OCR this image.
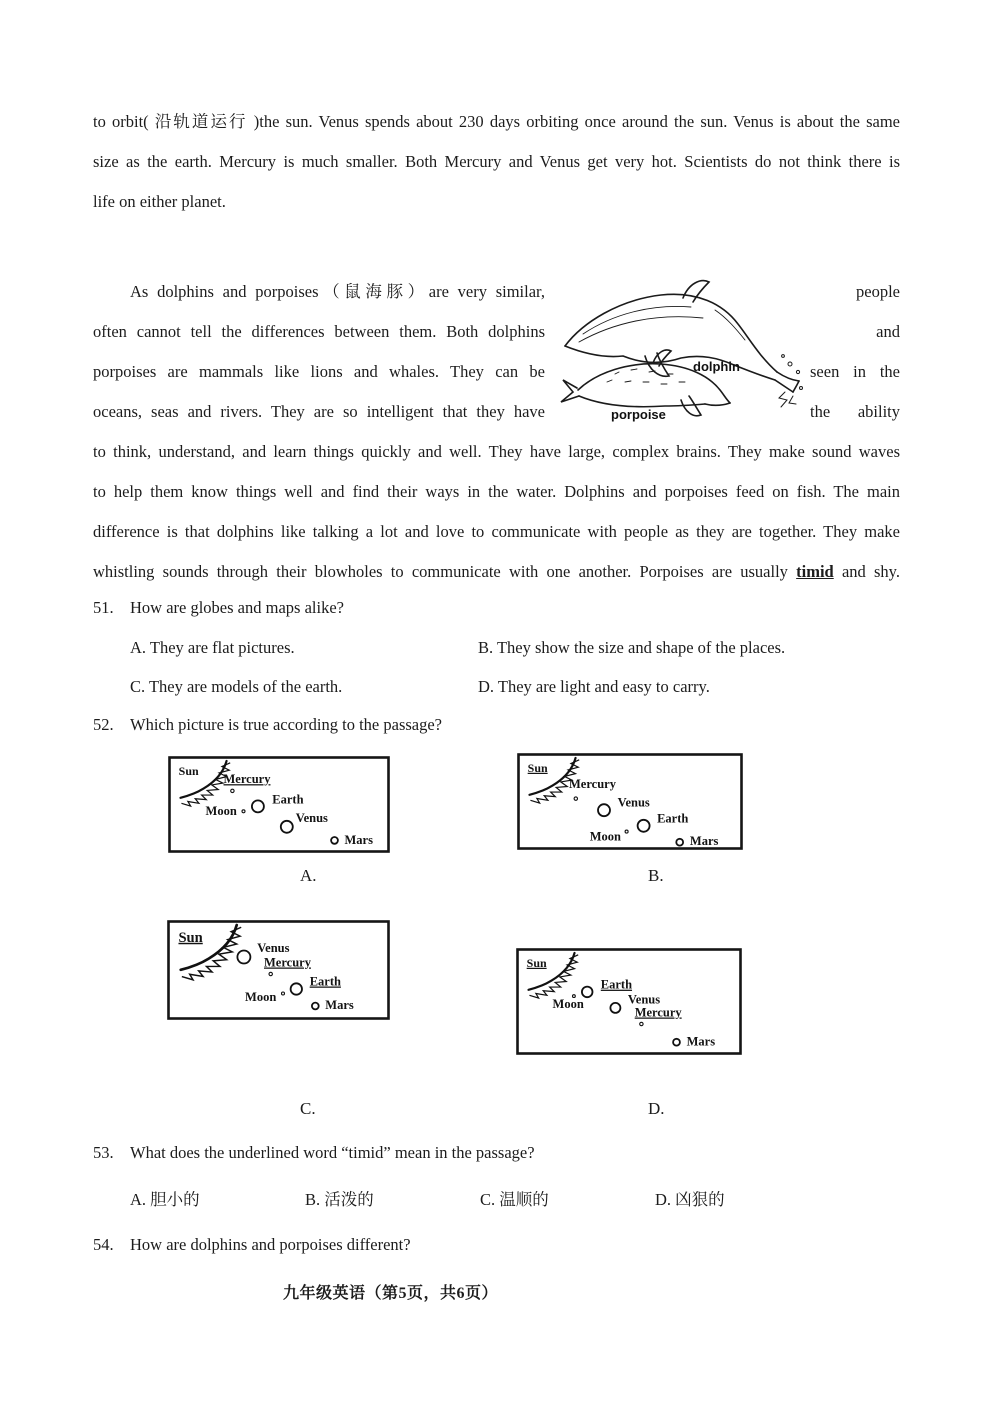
to orbit( 沿轨道运行 )the sun. Venus spends about 230 days orbiting once around the sun. Venus is about the same
size as the earth. Mercury is much smaller. Both Mercury and Venus get very hot. Scientists do not think there is
life on either planet.
As dolphins and porpoises（鼠海豚）are very similar,	people
often cannot tell the differences between them. Both dolphins	and
porpoises are mammals like lions and whales. They can be	seen in the
oceans, seas and rivers. They are so intelligent that they have	the ability
dolphin
porpoise
to think, understand, and learn things quickly and well. They have large, complex brains. They make sound waves
to help them know things well and find their ways in the water. Dolphins and porpoises feed on fish. The main
difference is that dolphins like talking a lot and love to communicate with people as they are together. They make
whistling sounds through their blowholes to communicate with one another. Porpoises are usually timid and shy.
51. How are globes and maps alike?
A. They are flat pictures.	B. They show the size and shape of the places.
C. They are models of the earth.	D. They are light and easy to carry.
52. Which picture is true according to the passage?
Sun
Mercury
Earth
Moon	Venus
Mars
Sun
Mercury
Venus
Earth
Moon	Mars
A.	B.
Sun
Venus
Mercury
Earth
Moon
Mars
Sun
Earth
Moon	Venus
Mercury
Mars
C.	D.
53. What does the underlined word “timid” mean in the passage?
A. 胆小的	B. 活泼的	C. 温顺的	D. 凶狠的
54. How are dolphins and porpoises different?
九年级英语（第5页，共6页）
